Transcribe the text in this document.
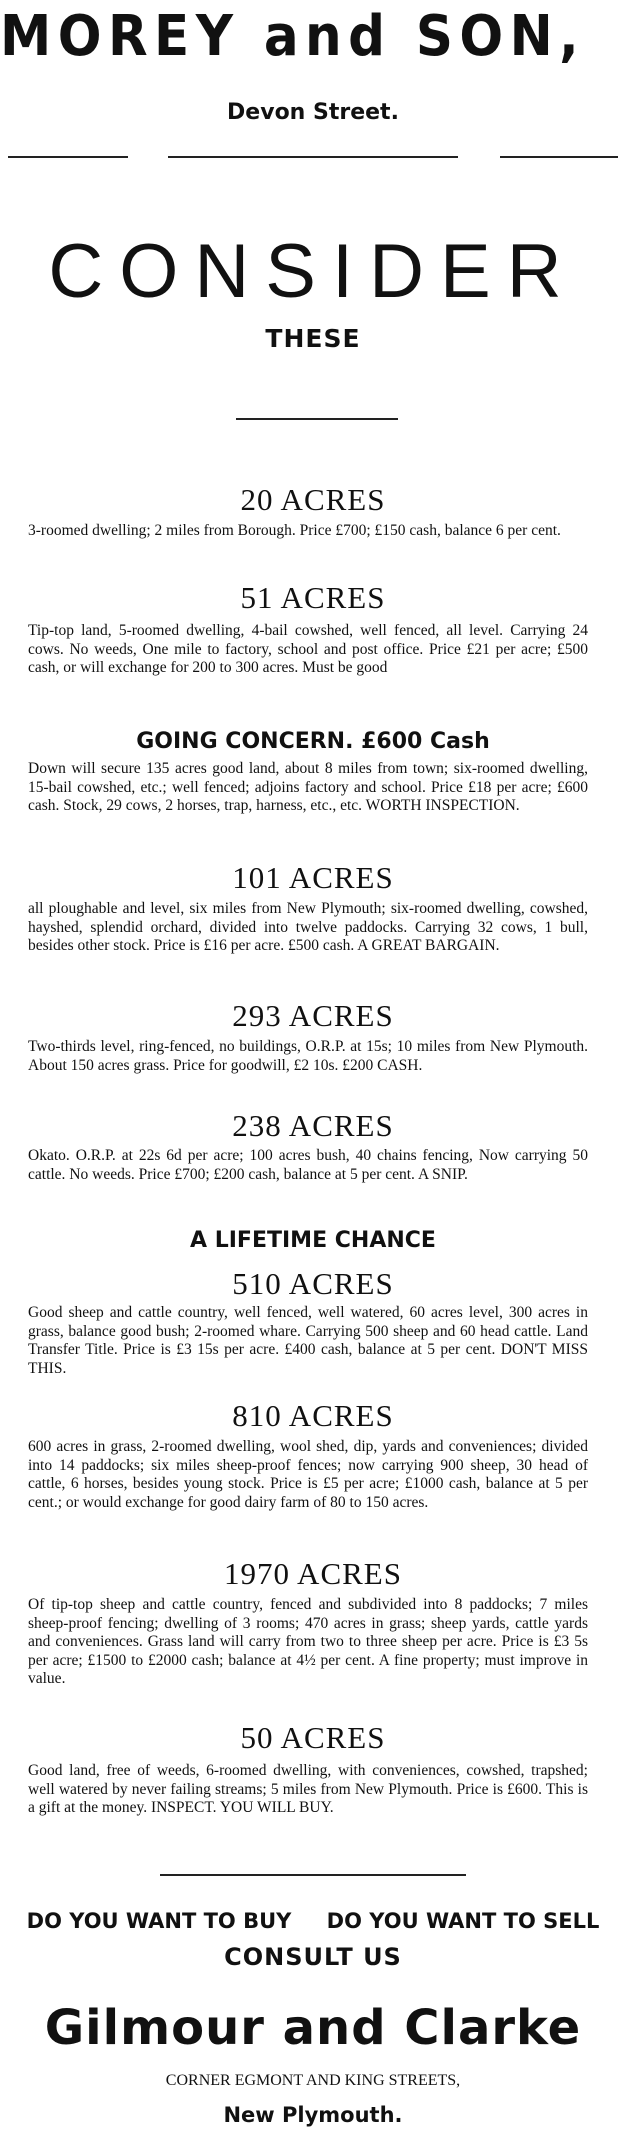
MOREY and SON,
Devon Street.
CONSIDER
THESE
20 ACRES
3-roomed dwelling; 2 miles from Borough. Price £700; £150 cash, balance 6 per cent.
51 ACRES
Tip-top land, 5-roomed dwelling, 4-bail cowshed, well fenced, all level. Carrying 24 cows. No weeds, One mile to factory, school and post office. Price £21 per acre; £500 cash, or will exchange for 200 to 300 acres. Must be good
GOING CONCERN. £600 Cash
Down will secure 135 acres good land, about 8 miles from town; six-roomed dwelling, 15-bail cowshed, etc.; well fenced; adjoins factory and school. Price £18 per acre; £600 cash. Stock, 29 cows, 2 horses, trap, harness, etc., etc. WORTH INSPECTION.
101 ACRES
all ploughable and level, six miles from New Plymouth; six-roomed dwelling, cowshed, hayshed, splendid orchard, divided into twelve paddocks. Carrying 32 cows, 1 bull, besides other stock. Price is £16 per acre. £500 cash. A GREAT BARGAIN.
293 ACRES
Two-thirds level, ring-fenced, no buildings, O.R.P. at 15s; 10 miles from New Plymouth. About 150 acres grass. Price for goodwill, £2 10s. £200 CASH.
238 ACRES
Okato. O.R.P. at 22s 6d per acre; 100 acres bush, 40 chains fencing, Now carrying 50 cattle. No weeds. Price £700; £200 cash, balance at 5 per cent. A SNIP.
A LIFETIME CHANCE
510 ACRES
Good sheep and cattle country, well fenced, well watered, 60 acres level, 300 acres in grass, balance good bush; 2-roomed whare. Carrying 500 sheep and 60 head cattle. Land Transfer Title. Price is £3 15s per acre. £400 cash, balance at 5 per cent. DON'T MISS THIS.
810 ACRES
600 acres in grass, 2-roomed dwelling, wool shed, dip, yards and conveniences; divided into 14 paddocks; six miles sheep-proof fences; now carrying 900 sheep, 30 head of cattle, 6 horses, besides young stock. Price is £5 per acre; £1000 cash, balance at 5 per cent.; or would exchange for good dairy farm of 80 to 150 acres.
1970 ACRES
Of tip-top sheep and cattle country, fenced and subdivided into 8 paddocks; 7 miles sheep-proof fencing; dwelling of 3 rooms; 470 acres in grass; sheep yards, cattle yards and conveniences. Grass land will carry from two to three sheep per acre. Price is £3 5s per acre; £1500 to £2000 cash; balance at 4½ per cent. A fine property; must improve in value.
50 ACRES
Good land, free of weeds, 6-roomed dwelling, with conveniences, cowshed, trapshed; well watered by never failing streams; 5 miles from New Plymouth. Price is £600. This is a gift at the money. INSPECT. YOU WILL BUY.
DO YOU WANT TO BUY DO YOU WANT TO SELL
CONSULT US
Gilmour and Clarke
CORNER EGMONT AND KING STREETS,
New Plymouth.
